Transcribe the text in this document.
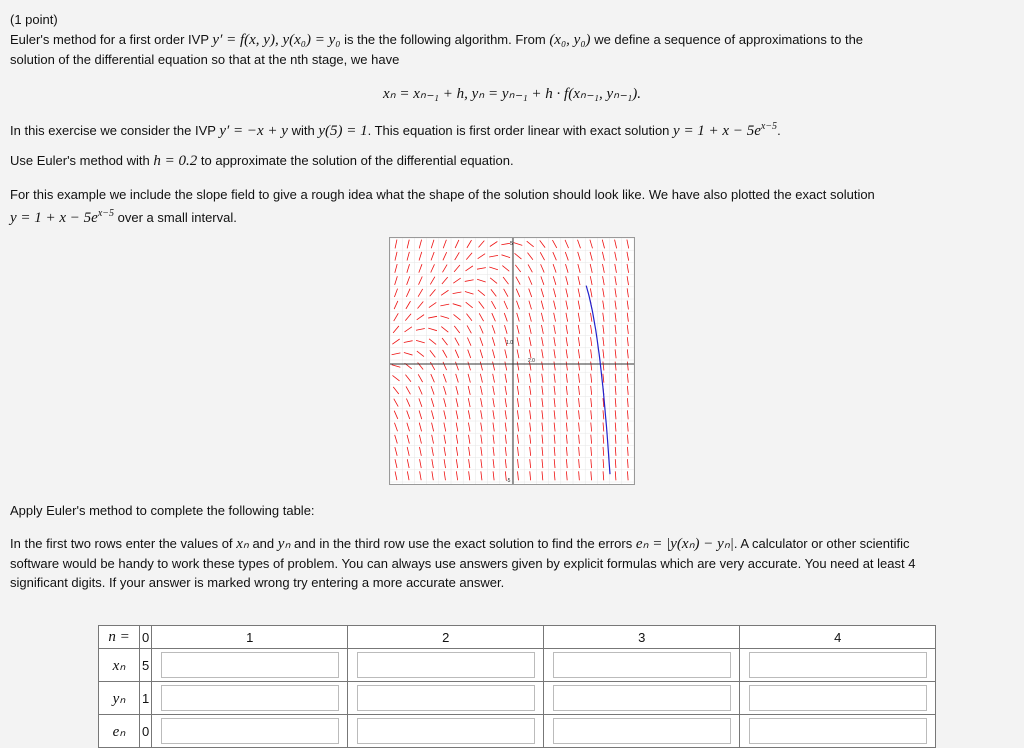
(1 point)

Euler's method for a first order IVP y′ = f(x, y), y(x₀) = y₀ is the the following algorithm. From (x₀, y₀) we define a sequence of approximations to the
solution of the differential equation so that at the nth stage, we have

xₙ = xₙ₋₁ + h, yₙ = yₙ₋₁ + h · f(xₙ₋₁, yₙ₋₁).

In this exercise we consider the IVP y′ = −x + y with y(5) = 1. This equation is first order linear with exact solution $y = 1 + x - 5e^{x-5}$.

Use Euler's method with h = 0.2 to approximate the solution of the differential equation.

For this example we include the slope field to give a rough idea what the shape of the solution should look like. We have also plotted the exact solution
$y = 1 + x - 5e^{x-5}$ over a small interval.

5
1.0
2.0
-5
Apply Euler's method to complete the following table:

In the first two rows enter the values of xₙ and yₙ and in the third row use the exact solution to find the errors eₙ = |y(xₙ) − yₙ|. A calculator or other scientific
software would be handy to work these types of problem. You can always use answers given by explicit formulas which are very accurate. You need at least 4
significant digits. If your answer is marked wrong try entering a more accurate answer.

n =	0	1	2	3	4
xₙ	5	

yₙ	1	

eₙ	0	
